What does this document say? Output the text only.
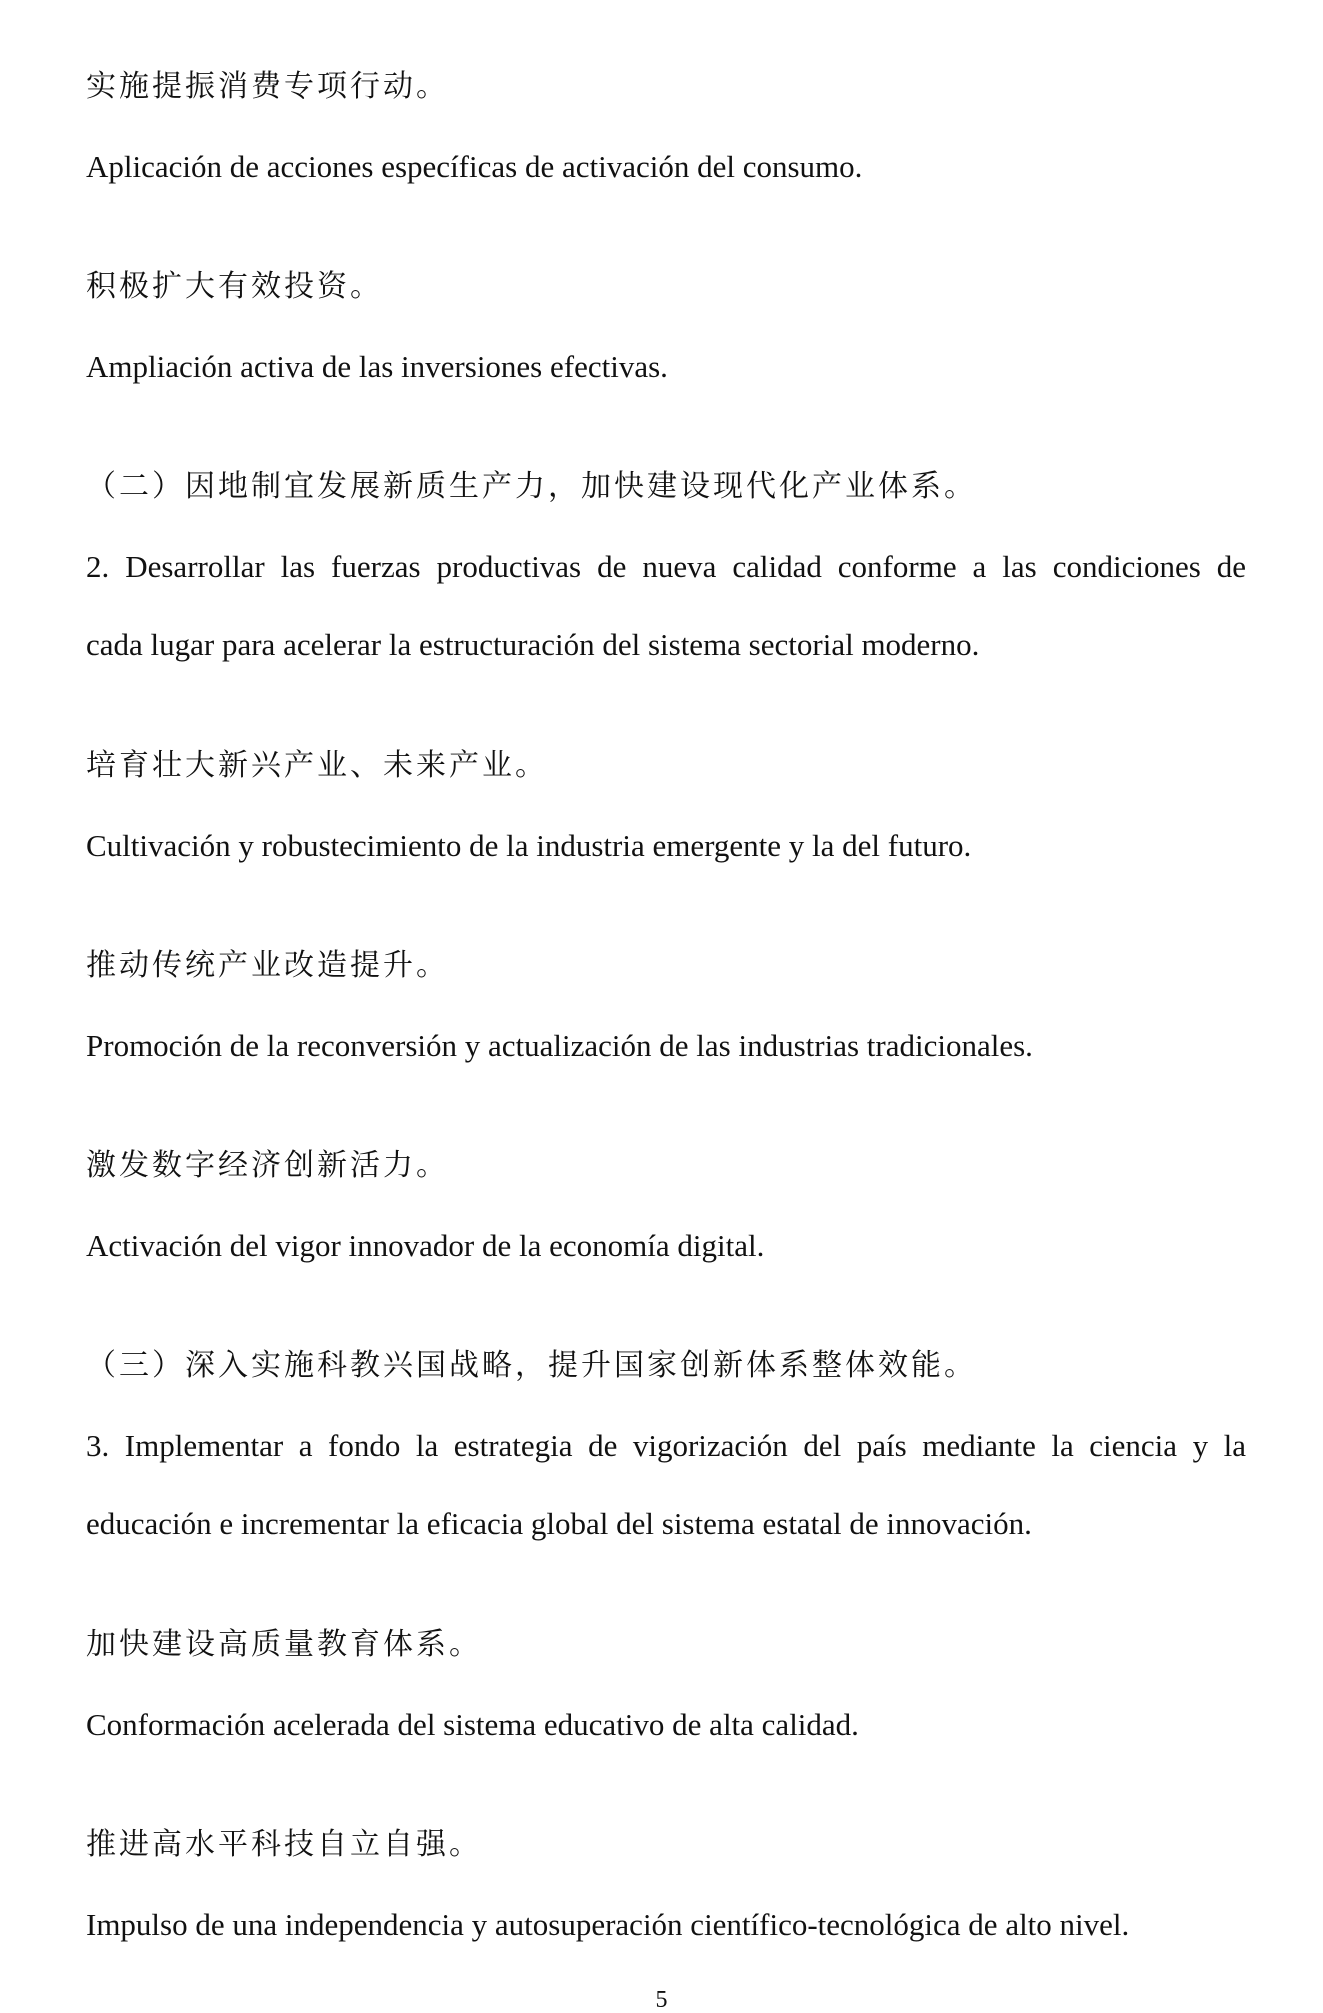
实施提振消费专项行动。
Aplicación de acciones específicas de activación del consumo.
积极扩大有效投资。
Ampliación activa de las inversiones efectivas.
（二）因地制宜发展新质生产力，加快建设现代化产业体系。
2. Desarrollar las fuerzas productivas de nueva calidad conforme a las condiciones de
cada lugar para acelerar la estructuración del sistema sectorial moderno.
培育壮大新兴产业、未来产业。
Cultivación y robustecimiento de la industria emergente y la del futuro.
推动传统产业改造提升。
Promoción de la reconversión y actualización de las industrias tradicionales.
激发数字经济创新活力。
Activación del vigor innovador de la economía digital.
（三）深入实施科教兴国战略，提升国家创新体系整体效能。
3. Implementar a fondo la estrategia de vigorización del país mediante la ciencia y la
educación e incrementar la eficacia global del sistema estatal de innovación.
加快建设高质量教育体系。
Conformación acelerada del sistema educativo de alta calidad.
推进高水平科技自立自强。
Impulso de una independencia y autosuperación científico-tecnológica de alto nivel.
5
